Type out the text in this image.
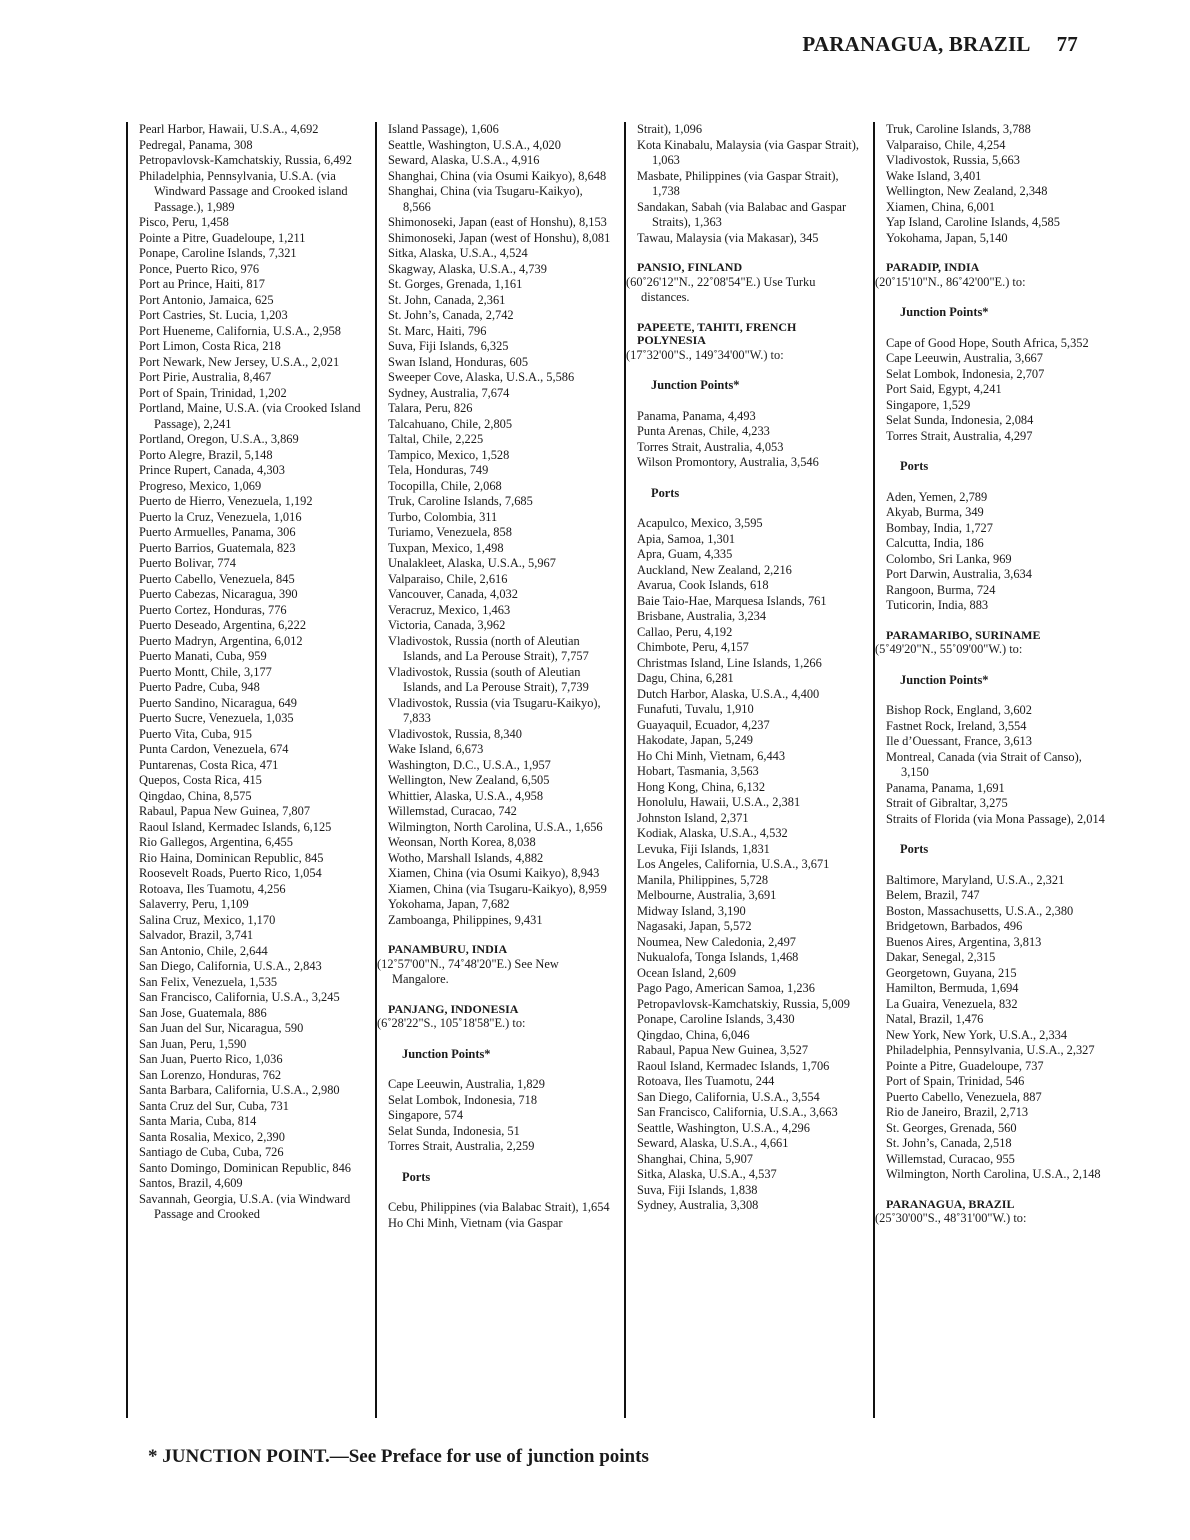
PARANAGUA, BRAZIL 77
Pearl Harbor, Hawaii, U.S.A., 4,692
Pedregal, Panama, 308
Petropavlovsk-Kamchatskiy, Russia, 6,492
Philadelphia, Pennsylvania, U.S.A. (via Windward Passage and Crooked island Passage.), 1,989
Pisco, Peru, 1,458
Pointe a Pitre, Guadeloupe, 1,211
Ponape, Caroline Islands, 7,321
Ponce, Puerto Rico, 976
Port au Prince, Haiti, 817
Port Antonio, Jamaica, 625
Port Castries, St. Lucia, 1,203
Port Hueneme, California, U.S.A., 2,958
Port Limon, Costa Rica, 218
Port Newark, New Jersey, U.S.A., 2,021
Port Pirie, Australia, 8,467
Port of Spain, Trinidad, 1,202
Portland, Maine, U.S.A. (via Crooked Island Passage), 2,241
Portland, Oregon, U.S.A., 3,869
Porto Alegre, Brazil, 5,148
Prince Rupert, Canada, 4,303
Progreso, Mexico, 1,069
Puerto de Hierro, Venezuela, 1,192
Puerto la Cruz, Venezuela, 1,016
Puerto Armuelles, Panama, 306
Puerto Barrios, Guatemala, 823
Puerto Bolivar, 774
Puerto Cabello, Venezuela, 845
Puerto Cabezas, Nicaragua, 390
Puerto Cortez, Honduras, 776
Puerto Deseado, Argentina, 6,222
Puerto Madryn, Argentina, 6,012
Puerto Manati, Cuba, 959
Puerto Montt, Chile, 3,177
Puerto Padre, Cuba, 948
Puerto Sandino, Nicaragua, 649
Puerto Sucre, Venezuela, 1,035
Puerto Vita, Cuba, 915
Punta Cardon, Venezuela, 674
Puntarenas, Costa Rica, 471
Quepos, Costa Rica, 415
Qingdao, China, 8,575
Rabaul, Papua New Guinea, 7,807
Raoul Island, Kermadec Islands, 6,125
Rio Gallegos, Argentina, 6,455
Rio Haina, Dominican Republic, 845
Roosevelt Roads, Puerto Rico, 1,054
Rotoava, Iles Tuamotu, 4,256
Salaverry, Peru, 1,109
Salina Cruz, Mexico, 1,170
Salvador, Brazil, 3,741
San Antonio, Chile, 2,644
San Diego, California, U.S.A., 2,843
San Felix, Venezuela, 1,535
San Francisco, California, U.S.A., 3,245
San Jose, Guatemala, 886
San Juan del Sur, Nicaragua, 590
San Juan, Peru, 1,590
San Juan, Puerto Rico, 1,036
San Lorenzo, Honduras, 762
Santa Barbara, California, U.S.A., 2,980
Santa Cruz del Sur, Cuba, 731
Santa Maria, Cuba, 814
Santa Rosalia, Mexico, 2,390
Santiago de Cuba, Cuba, 726
Santo Domingo, Dominican Republic, 846
Santos, Brazil, 4,609
Savannah, Georgia, U.S.A. (via Windward Passage and Crooked
Island Passage), 1,606
Seattle, Washington, U.S.A., 4,020
Seward, Alaska, U.S.A., 4,916
Shanghai, China (via Osumi Kaikyo), 8,648
Shanghai, China (via Tsugaru-Kaikyo), 8,566
Shimonoseki, Japan (east of Honshu), 8,153
Shimonoseki, Japan (west of Honshu), 8,081
Sitka, Alaska, U.S.A., 4,524
Skagway, Alaska, U.S.A., 4,739
St. Gorges, Grenada, 1,161
St. John, Canada, 2,361
St. John’s, Canada, 2,742
St. Marc, Haiti, 796
Suva, Fiji Islands, 6,325
Swan Island, Honduras, 605
Sweeper Cove, Alaska, U.S.A., 5,586
Sydney, Australia, 7,674
Talara, Peru, 826
Talcahuano, Chile, 2,805
Taltal, Chile, 2,225
Tampico, Mexico, 1,528
Tela, Honduras, 749
Tocopilla, Chile, 2,068
Truk, Caroline Islands, 7,685
Turbo, Colombia, 311
Turiamo, Venezuela, 858
Tuxpan, Mexico, 1,498
Unalakleet, Alaska, U.S.A., 5,967
Valparaiso, Chile, 2,616
Vancouver, Canada, 4,032
Veracruz, Mexico, 1,463
Victoria, Canada, 3,962
Vladivostok, Russia (north of Aleutian Islands, and La Perouse Strait), 7,757
Vladivostok, Russia (south of Aleutian Islands, and La Perouse Strait), 7,739
Vladivostok, Russia (via Tsugaru-Kaikyo), 7,833
Vladivostok, Russia, 8,340
Wake Island, 6,673
Washington, D.C., U.S.A., 1,957
Wellington, New Zealand, 6,505
Whittier, Alaska, U.S.A., 4,958
Willemstad, Curacao, 742
Wilmington, North Carolina, U.S.A., 1,656
Weonsan, North Korea, 8,038
Wotho, Marshall Islands, 4,882
Xiamen, China (via Osumi Kaikyo), 8,943
Xiamen, China (via Tsugaru-Kaikyo), 8,959
Yokohama, Japan, 7,682
Zamboanga, Philippines, 9,431
PANAMBURU, INDIA
(12˚57'00"N., 74˚48'20"E.) See New Mangalore.
PANJANG, INDONESIA
(6˚28'22"S., 105˚18'58"E.) to:
Junction Points*
Cape Leeuwin, Australia, 1,829
Selat Lombok, Indonesia, 718
Singapore, 574
Selat Sunda, Indonesia, 51
Torres Strait, Australia, 2,259
Ports
Cebu, Philippines (via Balabac Strait), 1,654
Ho Chi Minh, Vietnam (via Gaspar
Strait), 1,096
Kota Kinabalu, Malaysia (via Gaspar Strait), 1,063
Masbate, Philippines (via Gaspar Strait), 1,738
Sandakan, Sabah (via Balabac and Gaspar Straits), 1,363
Tawau, Malaysia (via Makasar), 345
PANSIO, FINLAND
(60˚26'12"N., 22˚08'54"E.) Use Turku distances.
PAPEETE, TAHITI, FRENCH POLYNESIA
(17˚32'00"S., 149˚34'00"W.) to:
Junction Points*
Panama, Panama, 4,493
Punta Arenas, Chile, 4,233
Torres Strait, Australia, 4,053
Wilson Promontory, Australia, 3,546
Ports
Acapulco, Mexico, 3,595
Apia, Samoa, 1,301
Apra, Guam, 4,335
Auckland, New Zealand, 2,216
Avarua, Cook Islands, 618
Baie Taio-Hae, Marquesa Islands, 761
Brisbane, Australia, 3,234
Callao, Peru, 4,192
Chimbote, Peru, 4,157
Christmas Island, Line Islands, 1,266
Dagu, China, 6,281
Dutch Harbor, Alaska, U.S.A., 4,400
Funafuti, Tuvalu, 1,910
Guayaquil, Ecuador, 4,237
Hakodate, Japan, 5,249
Ho Chi Minh, Vietnam, 6,443
Hobart, Tasmania, 3,563
Hong Kong, China, 6,132
Honolulu, Hawaii, U.S.A., 2,381
Johnston Island, 2,371
Kodiak, Alaska, U.S.A., 4,532
Levuka, Fiji Islands, 1,831
Los Angeles, California, U.S.A., 3,671
Manila, Philippines, 5,728
Melbourne, Australia, 3,691
Midway Island, 3,190
Nagasaki, Japan, 5,572
Noumea, New Caledonia, 2,497
Nukualofa, Tonga Islands, 1,468
Ocean Island, 2,609
Pago Pago, American Samoa, 1,236
Petropavlovsk-Kamchatskiy, Russia, 5,009
Ponape, Caroline Islands, 3,430
Qingdao, China, 6,046
Rabaul, Papua New Guinea, 3,527
Raoul Island, Kermadec Islands, 1,706
Rotoava, Iles Tuamotu, 244
San Diego, California, U.S.A., 3,554
San Francisco, California, U.S.A., 3,663
Seattle, Washington, U.S.A., 4,296
Seward, Alaska, U.S.A., 4,661
Shanghai, China, 5,907
Sitka, Alaska, U.S.A., 4,537
Suva, Fiji Islands, 1,838
Sydney, Australia, 3,308
Truk, Caroline Islands, 3,788
Valparaiso, Chile, 4,254
Vladivostok, Russia, 5,663
Wake Island, 3,401
Wellington, New Zealand, 2,348
Xiamen, China, 6,001
Yap Island, Caroline Islands, 4,585
Yokohama, Japan, 5,140
PARADIP, INDIA
(20˚15'10"N., 86˚42'00"E.) to:
Junction Points*
Cape of Good Hope, South Africa, 5,352
Cape Leeuwin, Australia, 3,667
Selat Lombok, Indonesia, 2,707
Port Said, Egypt, 4,241
Singapore, 1,529
Selat Sunda, Indonesia, 2,084
Torres Strait, Australia, 4,297
Ports
Aden, Yemen, 2,789
Akyab, Burma, 349
Bombay, India, 1,727
Calcutta, India, 186
Colombo, Sri Lanka, 969
Port Darwin, Australia, 3,634
Rangoon, Burma, 724
Tuticorin, India, 883
PARAMARIBO, SURINAME
(5˚49'20"N., 55˚09'00"W.) to:
Junction Points*
Bishop Rock, England, 3,602
Fastnet Rock, Ireland, 3,554
Ile d’Ouessant, France, 3,613
Montreal, Canada (via Strait of Canso), 3,150
Panama, Panama, 1,691
Strait of Gibraltar, 3,275
Straits of Florida (via Mona Passage), 2,014
Ports
Baltimore, Maryland, U.S.A., 2,321
Belem, Brazil, 747
Boston, Massachusetts, U.S.A., 2,380
Bridgetown, Barbados, 496
Buenos Aires, Argentina, 3,813
Dakar, Senegal, 2,315
Georgetown, Guyana, 215
Hamilton, Bermuda, 1,694
La Guaira, Venezuela, 832
Natal, Brazil, 1,476
New York, New York, U.S.A., 2,334
Philadelphia, Pennsylvania, U.S.A., 2,327
Pointe a Pitre, Guadeloupe, 737
Port of Spain, Trinidad, 546
Puerto Cabello, Venezuela, 887
Rio de Janeiro, Brazil, 2,713
St. Georges, Grenada, 560
St. John’s, Canada, 2,518
Willemstad, Curacao, 955
Wilmington, North Carolina, U.S.A., 2,148
PARANAGUA, BRAZIL
(25˚30'00"S., 48˚31'00"W.) to:
* JUNCTION POINT.—See Preface for use of junction points
